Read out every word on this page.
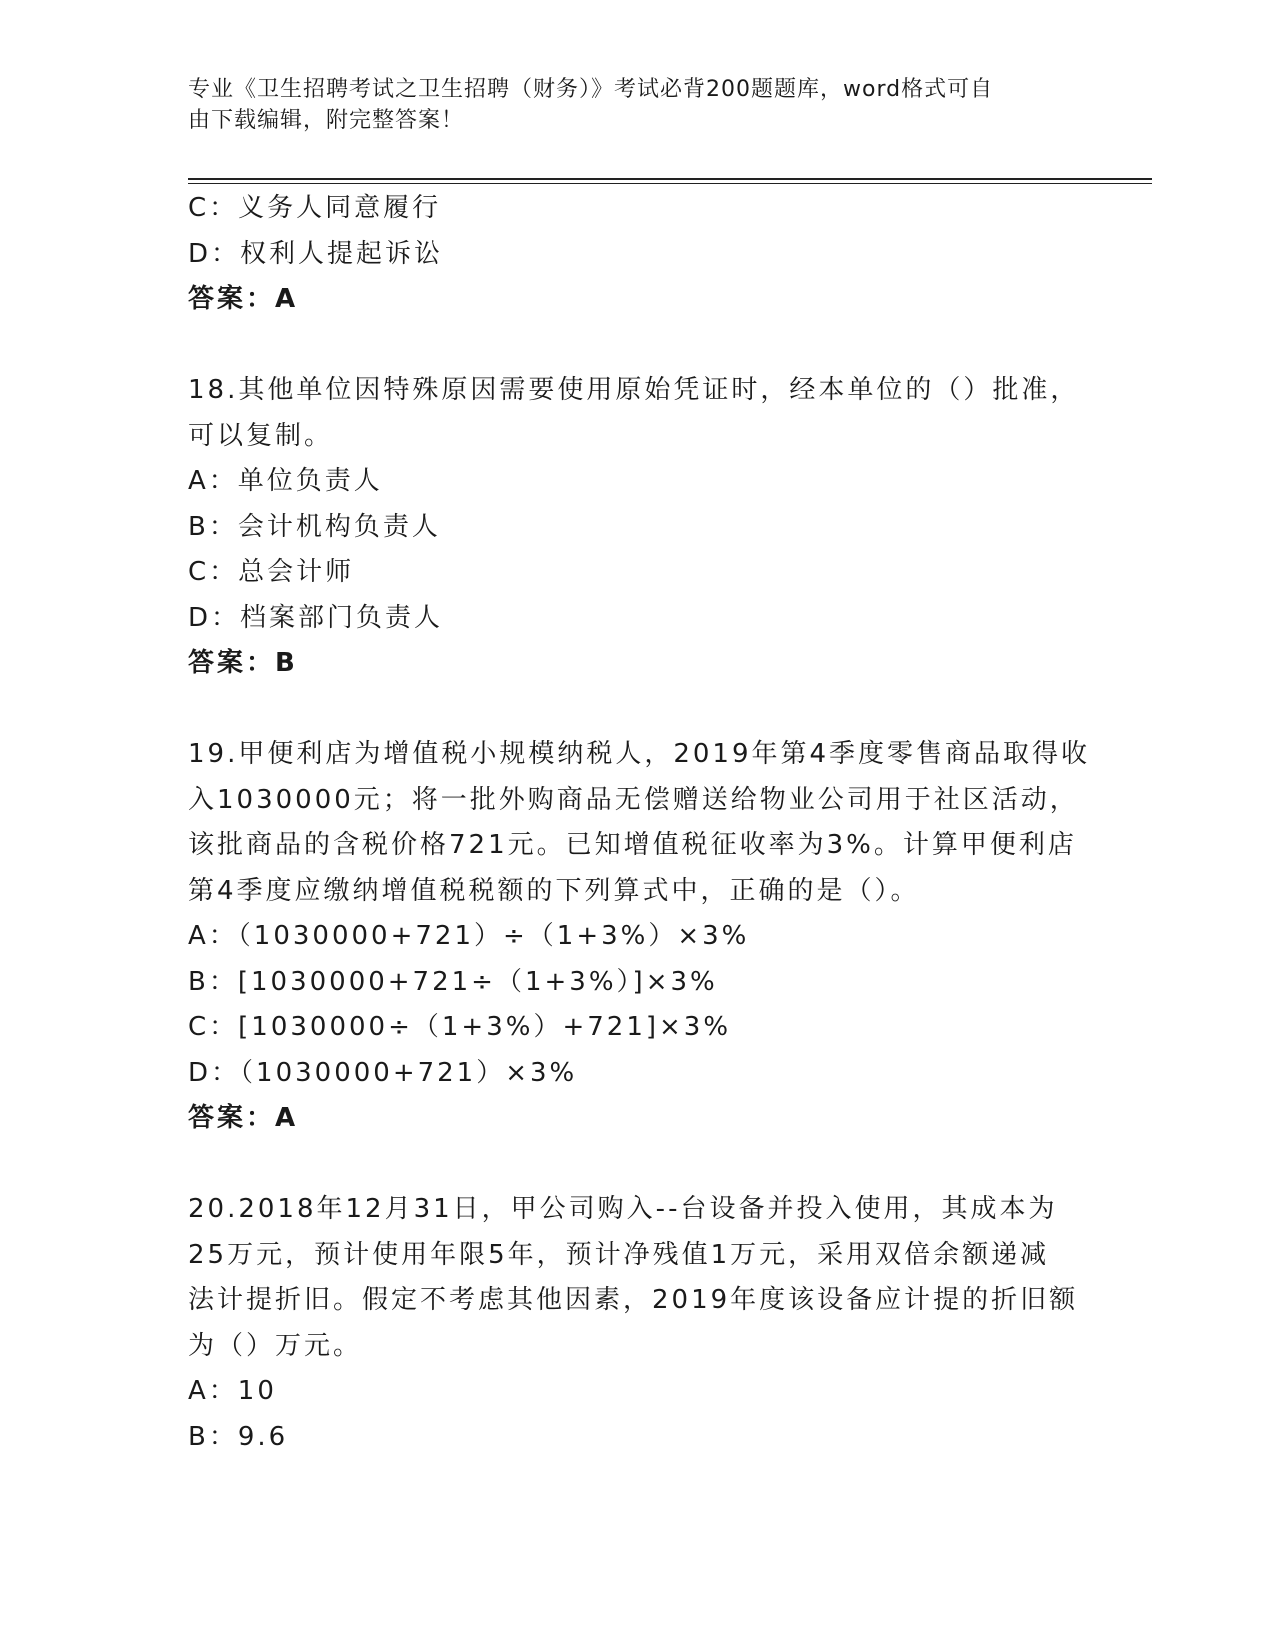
专业《卫生招聘考试之卫生招聘（财务）》考试必背200题题库，word格式可自
由下载编辑，附完整答案！
C：义务人同意履行
D：权利人提起诉讼
答案：A
18.其他单位因特殊原因需要使用原始凭证时，经本单位的（）批准，
可以复制。
A：单位负责人
B：会计机构负责人
C：总会计师
D：档案部门负责人
答案：B
19.甲便利店为增值税小规模纳税人，2019年第4季度零售商品取得收
入1030000元；将一批外购商品无偿赠送给物业公司用于社区活动，
该批商品的含税价格721元。已知增值税征收率为3%。计算甲便利店
第4季度应缴纳增值税税额的下列算式中，正确的是（）。
A：（1030000+721）÷（1+3%）×3%
B：[1030000+721÷（1+3%）]×3%
C：[1030000÷（1+3%）+721]×3%
D：（1030000+721）×3%
答案：A
20.2018年12月31日，甲公司购入--台设备并投入使用，其成本为
25万元，预计使用年限5年，预计净残值1万元，采用双倍余额递减
法计提折旧。假定不考虑其他因素，2019年度该设备应计提的折旧额
为（）万元。
A：10
B：9.6
